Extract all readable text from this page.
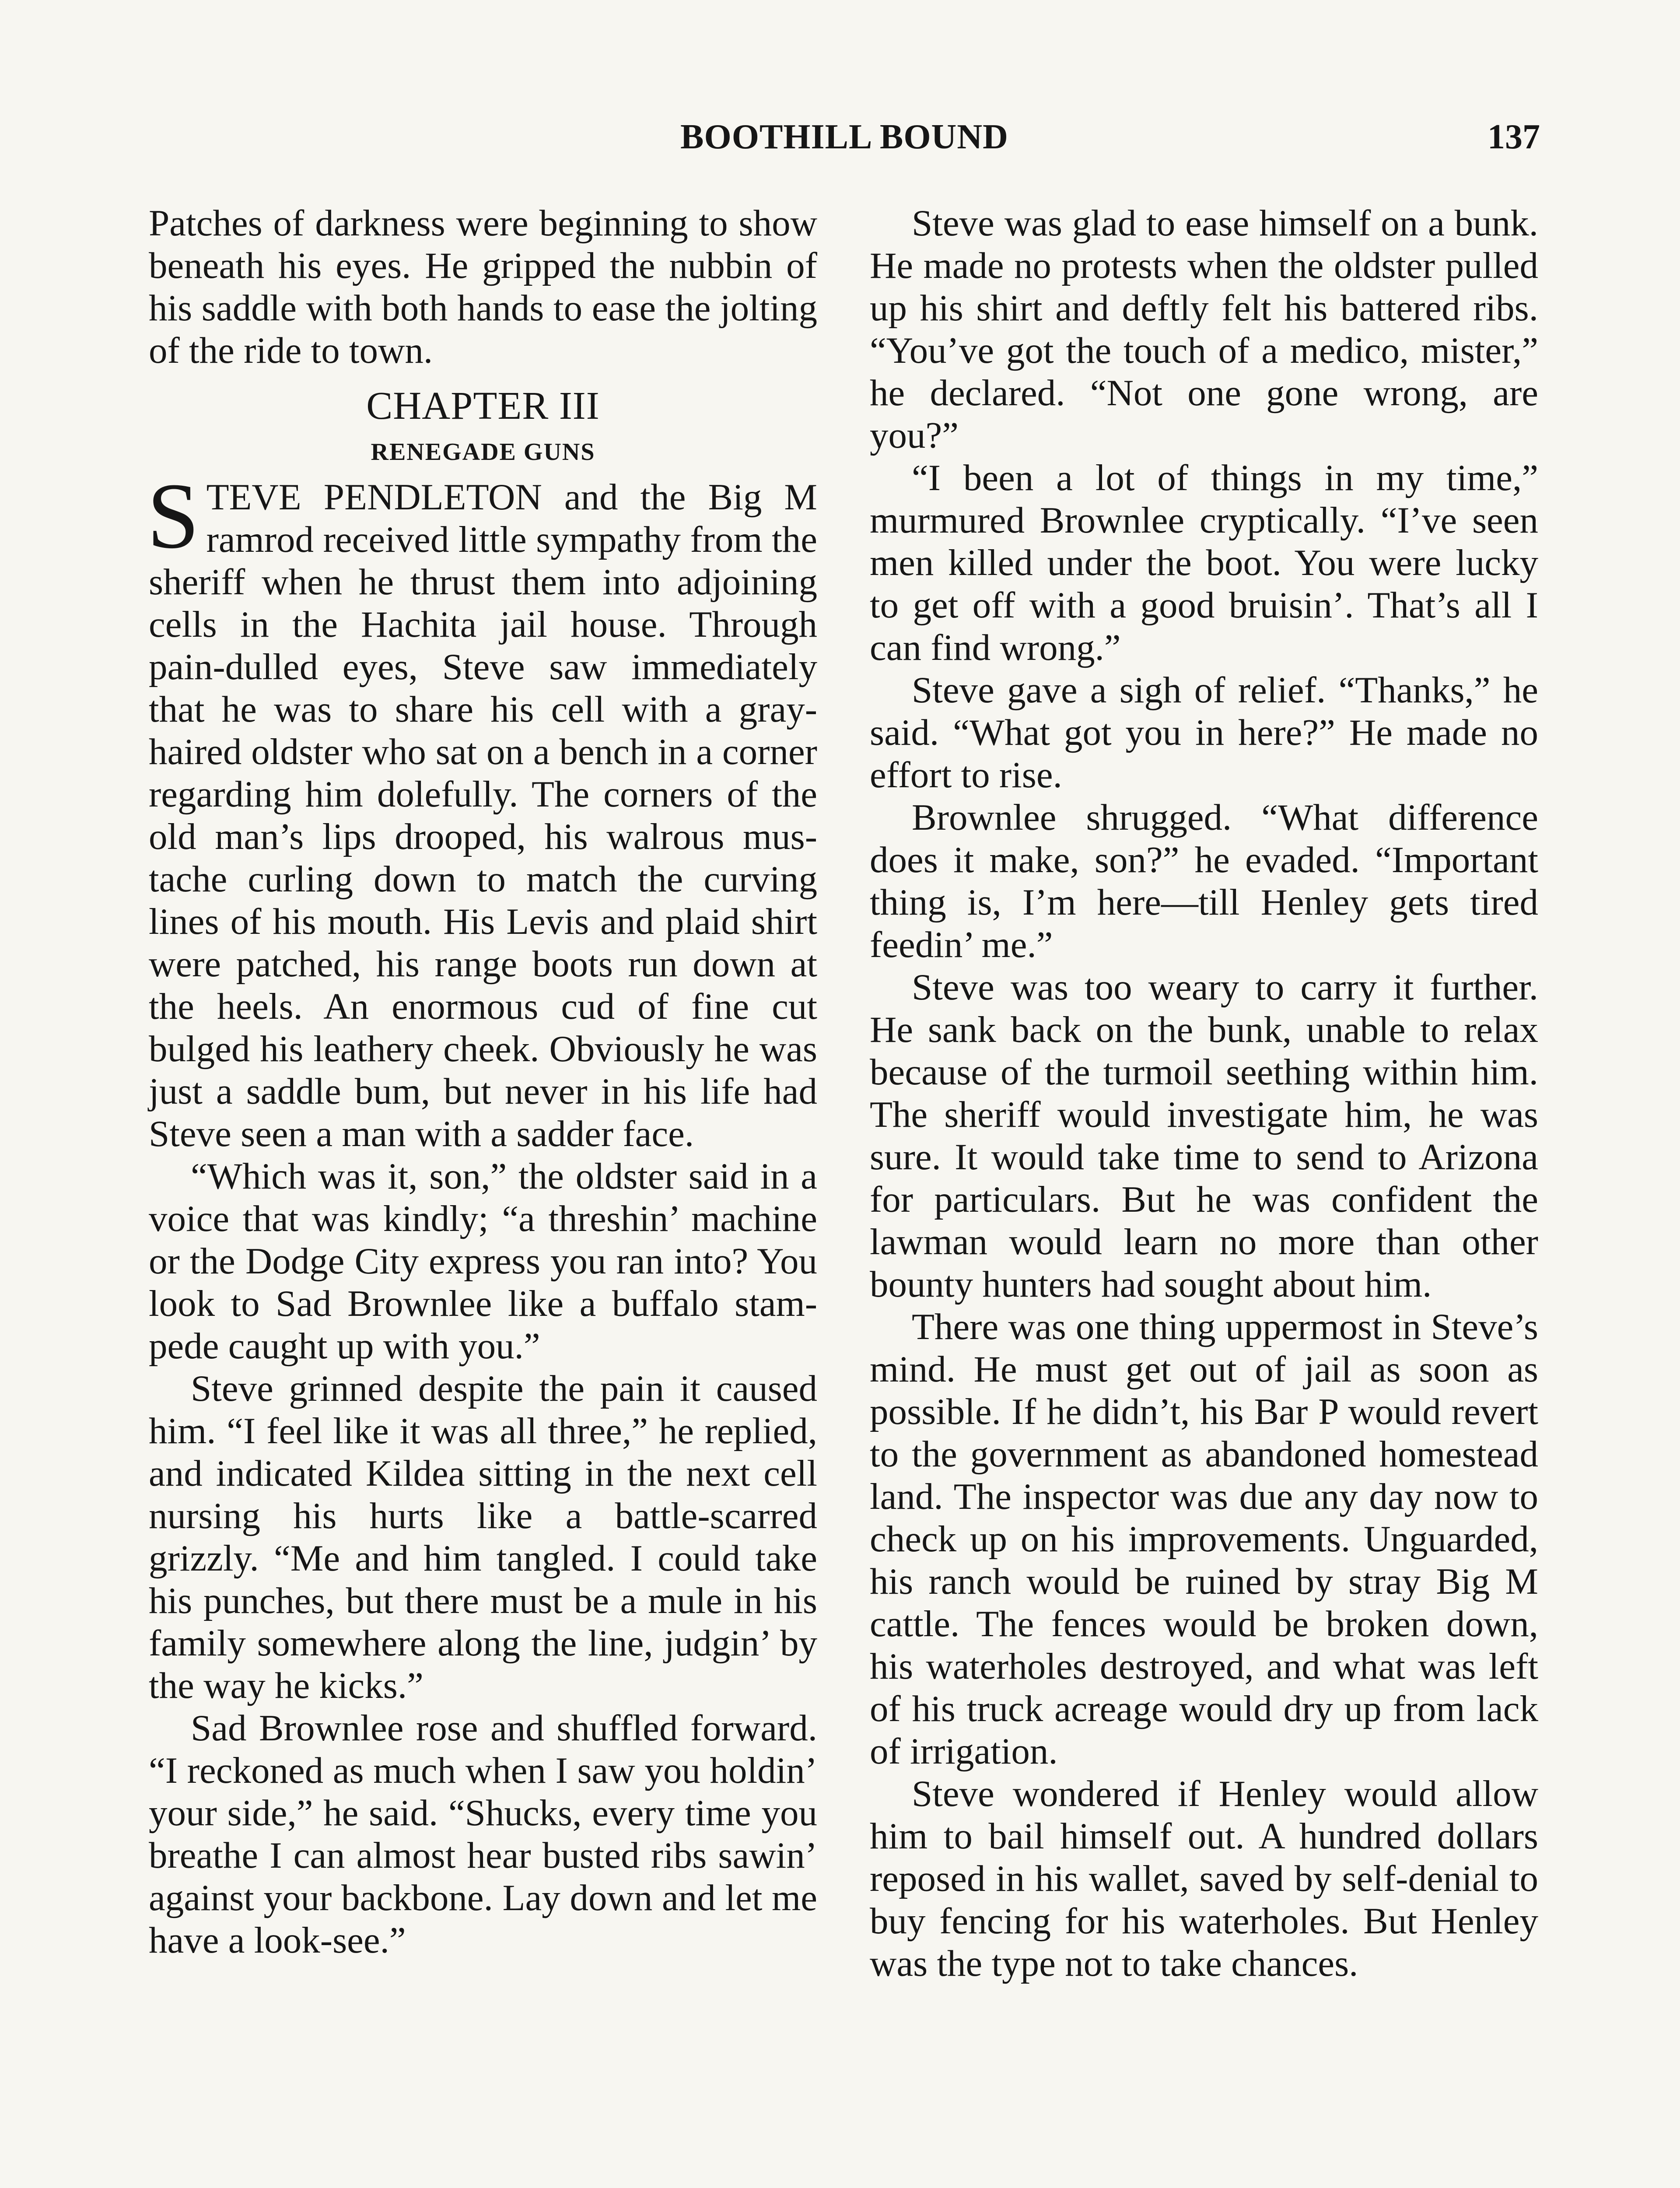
BOOTHILL BOUND	137

Patches of darkness were beginning to show beneath his eyes. He gripped the nubbin of his saddle with both hands to ease the jolting of the ride to town.

CHAPTER III
RENEGADE GUNS

STEVE PENDLETON and the Big M ramrod received little sympathy from the sheriff when he thrust them into adjoining cells in the Hachita jail house. Through pain-dulled eyes, Steve saw immediately that he was to share his cell with a gray-haired oldster who sat on a bench in a corner regarding him dolefully. The corners of the old man’s lips drooped, his walrous mustache curling down to match the curving lines of his mouth. His Levis and plaid shirt were patched, his range boots run down at the heels. An enormous cud of fine cut bulged his leathery cheek. Obviously he was just a saddle bum, but never in his life had Steve seen a man with a sadder face.

“Which was it, son,” the oldster said in a voice that was kindly; “a threshin’ machine or the Dodge City express you ran into? You look to Sad Brownlee like a buffalo stampede caught up with you.”

Steve grinned despite the pain it caused him. “I feel like it was all three,” he replied, and indicated Kildea sitting in the next cell nursing his hurts like a battle-scarred grizzly. “Me and him tangled. I could take his punches, but there must be a mule in his family somewhere along the line, judgin’ by the way he kicks.”

Sad Brownlee rose and shuffled forward. “I reckoned as much when I saw you holdin’ your side,” he said. “Shucks, every time you breathe I can almost hear busted ribs sawin’ against your backbone. Lay down and let me have a look-see.”

Steve was glad to ease himself on a bunk. He made no protests when the oldster pulled up his shirt and deftly felt his battered ribs. “You’ve got the touch of a medico, mister,” he declared. “Not one gone wrong, are you?”

“I been a lot of things in my time,” murmured Brownlee cryptically. “I’ve seen men killed under the boot. You were lucky to get off with a good bruisin’. That’s all I can find wrong.”

Steve gave a sigh of relief. “Thanks,” he said. “What got you in here?” He made no effort to rise.

Brownlee shrugged. “What difference does it make, son?” he evaded. “Important thing is, I’m here—till Henley gets tired feedin’ me.”

Steve was too weary to carry it further. He sank back on the bunk, unable to relax because of the turmoil seething within him. The sheriff would investigate him, he was sure. It would take time to send to Arizona for particulars. But he was confident the lawman would learn no more than other bounty hunters had sought about him.

There was one thing uppermost in Steve’s mind. He must get out of jail as soon as possible. If he didn’t, his Bar P would revert to the government as abandoned homestead land. The inspector was due any day now to check up on his improvements. Unguarded, his ranch would be ruined by stray Big M cattle. The fences would be broken down, his waterholes destroyed, and what was left of his truck acreage would dry up from lack of irrigation.

Steve wondered if Henley would allow him to bail himself out. A hundred dollars reposed in his wallet, saved by self-denial to buy fencing for his waterholes. But Henley was the type not to take chances.
